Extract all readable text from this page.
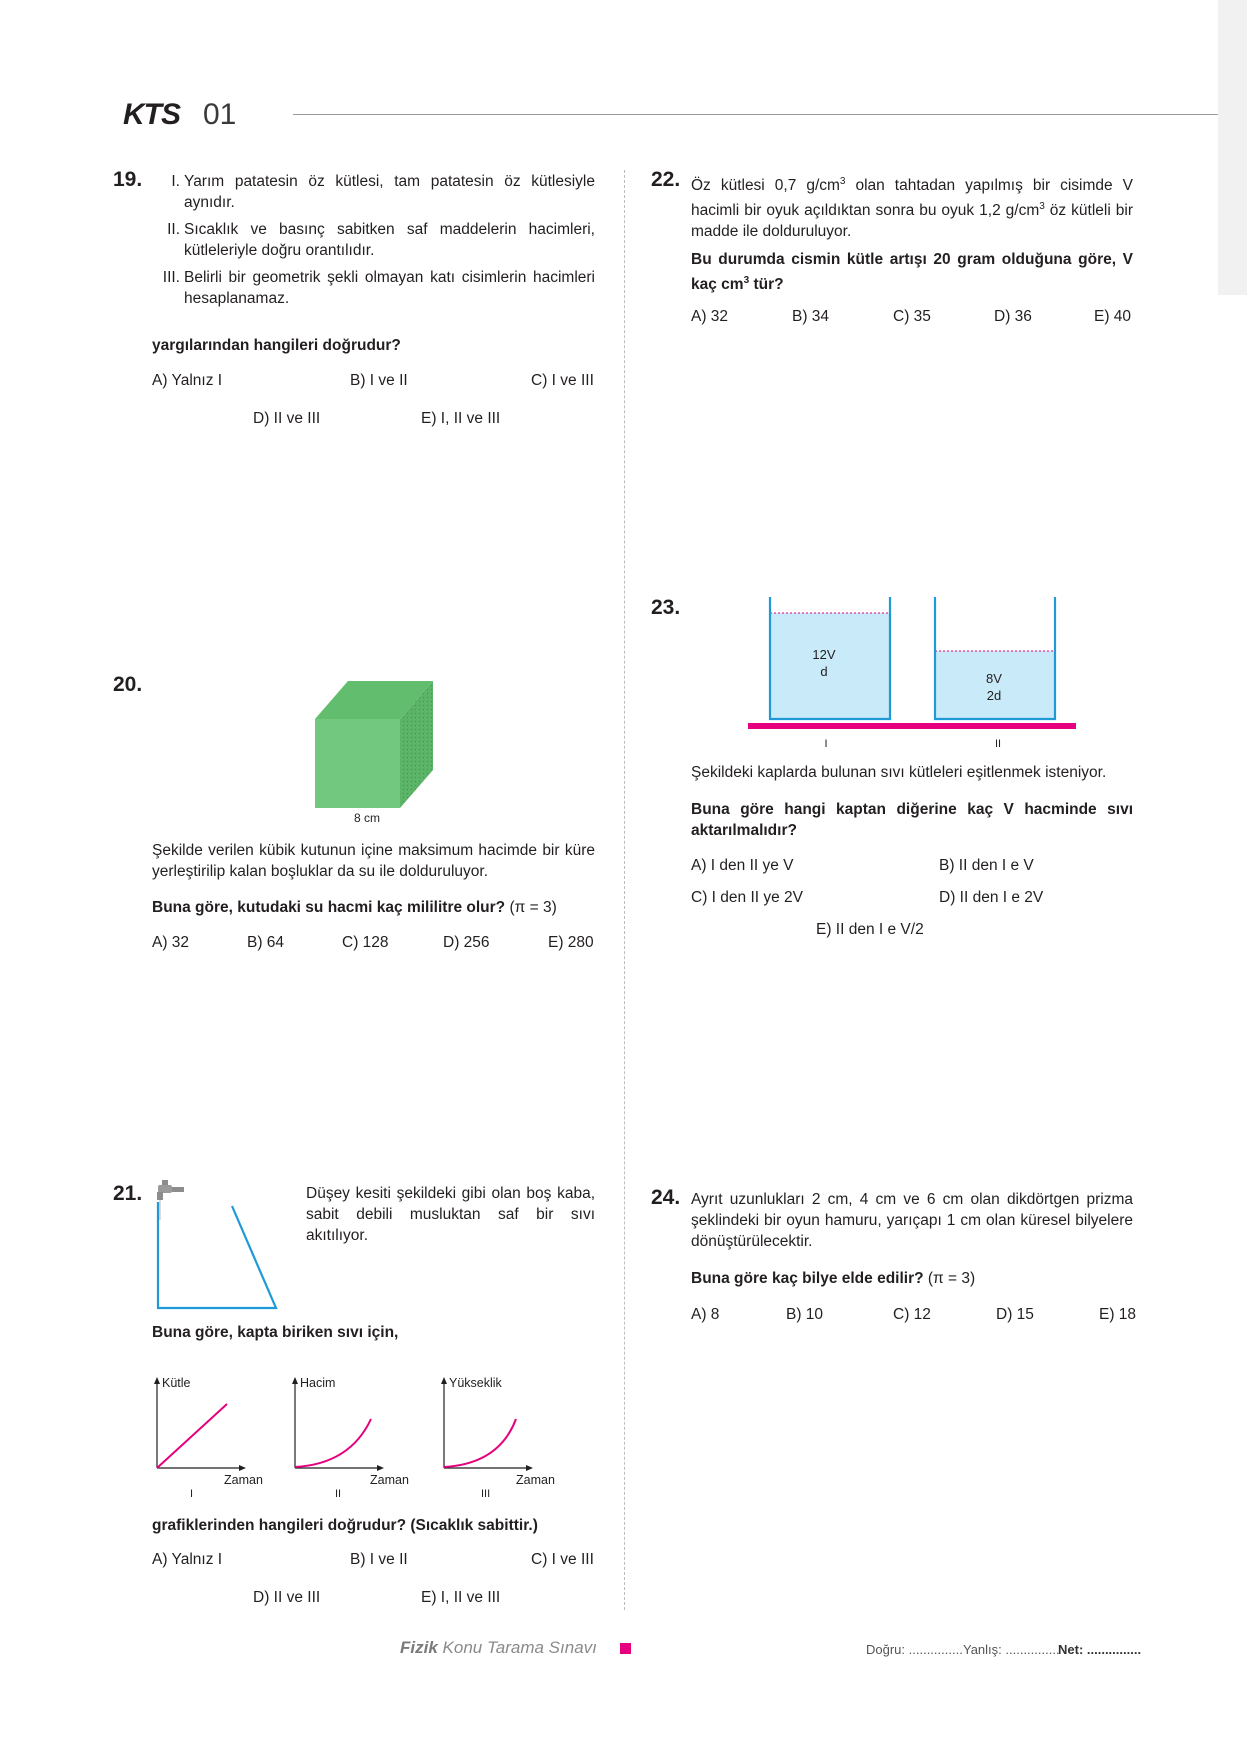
KTS 01
19.	I. Yarım patatesin öz kütlesi, tam patatesin öz kütlesiyle aynıdır.
II. Sıcaklık ve basınç sabitken saf maddelerin hacimleri, kütleleriyle doğru orantılıdır.
III. Belirli bir geometrik şekli olmayan katı cisimlerin hacimleri hesaplanamaz.
yargılarından hangileri doğrudur?
A) Yalnız I	B) I ve II	C) I ve III
D) II ve III	E) I, II ve III
20.
8 cm
Şekilde verilen kübik kutunun içine maksimum hacimde bir küre yerleştirilip kalan boşluklar da su ile dolduruluyor.
Buna göre, kutudaki su hacmi kaç mililitre olur? (π = 3)
A) 32	B) 64	C) 128	D) 256	E) 280
21.	Düşey kesiti şekildeki gibi olan boş kaba, sabit debili musluktan saf bir sıvı akıtılıyor.
Buna göre, kapta biriken sıvı için,
Kütle
Zaman
I
Hacim
Zaman
II
Yükseklik
Zaman
III
grafiklerinden hangileri doğrudur? (Sıcaklık sabittir.)
A) Yalnız I	B) I ve II	C) I ve III
D) II ve III	E) I, II ve III
22. Öz kütlesi 0,7 $g/cm^3$ olan tahtadan yapılmış bir cisimde V hacimli bir oyuk açıldıktan sonra bu oyuk 1,2 $g/cm^3$ öz kütleli bir madde ile dolduruluyor.
Bu durumda cismin kütle artışı 20 gram olduğuna göre, V kaç $cm^3$ tür?
A) 32	B) 34	C) 35	D) 36	E) 40
23.
12V
d	8V
2d
I	II
Şekildeki kaplarda bulunan sıvı kütleleri eşitlenmek isteniyor.
Buna göre hangi kaptan diğerine kaç V hacminde sıvı aktarılmalıdır?
A) I den II ye V	B) II den I e V
C) I den II ye 2V	D) II den I e 2V
E) II den I e V/2
24. Ayrıt uzunlukları 2 cm, 4 cm ve 6 cm olan dikdörtgen prizma şeklindeki bir oyun hamuru, yarıçapı 1 cm olan küresel bilyelere dönüştürülecektir.
Buna göre kaç bilye elde edilir? (π = 3)
A) 8	B) 10	C) 12	D) 15	E) 18
Fizik Konu Tarama Sınavı	Doğru: ............... Yanlış: ...............
Net: ...............
